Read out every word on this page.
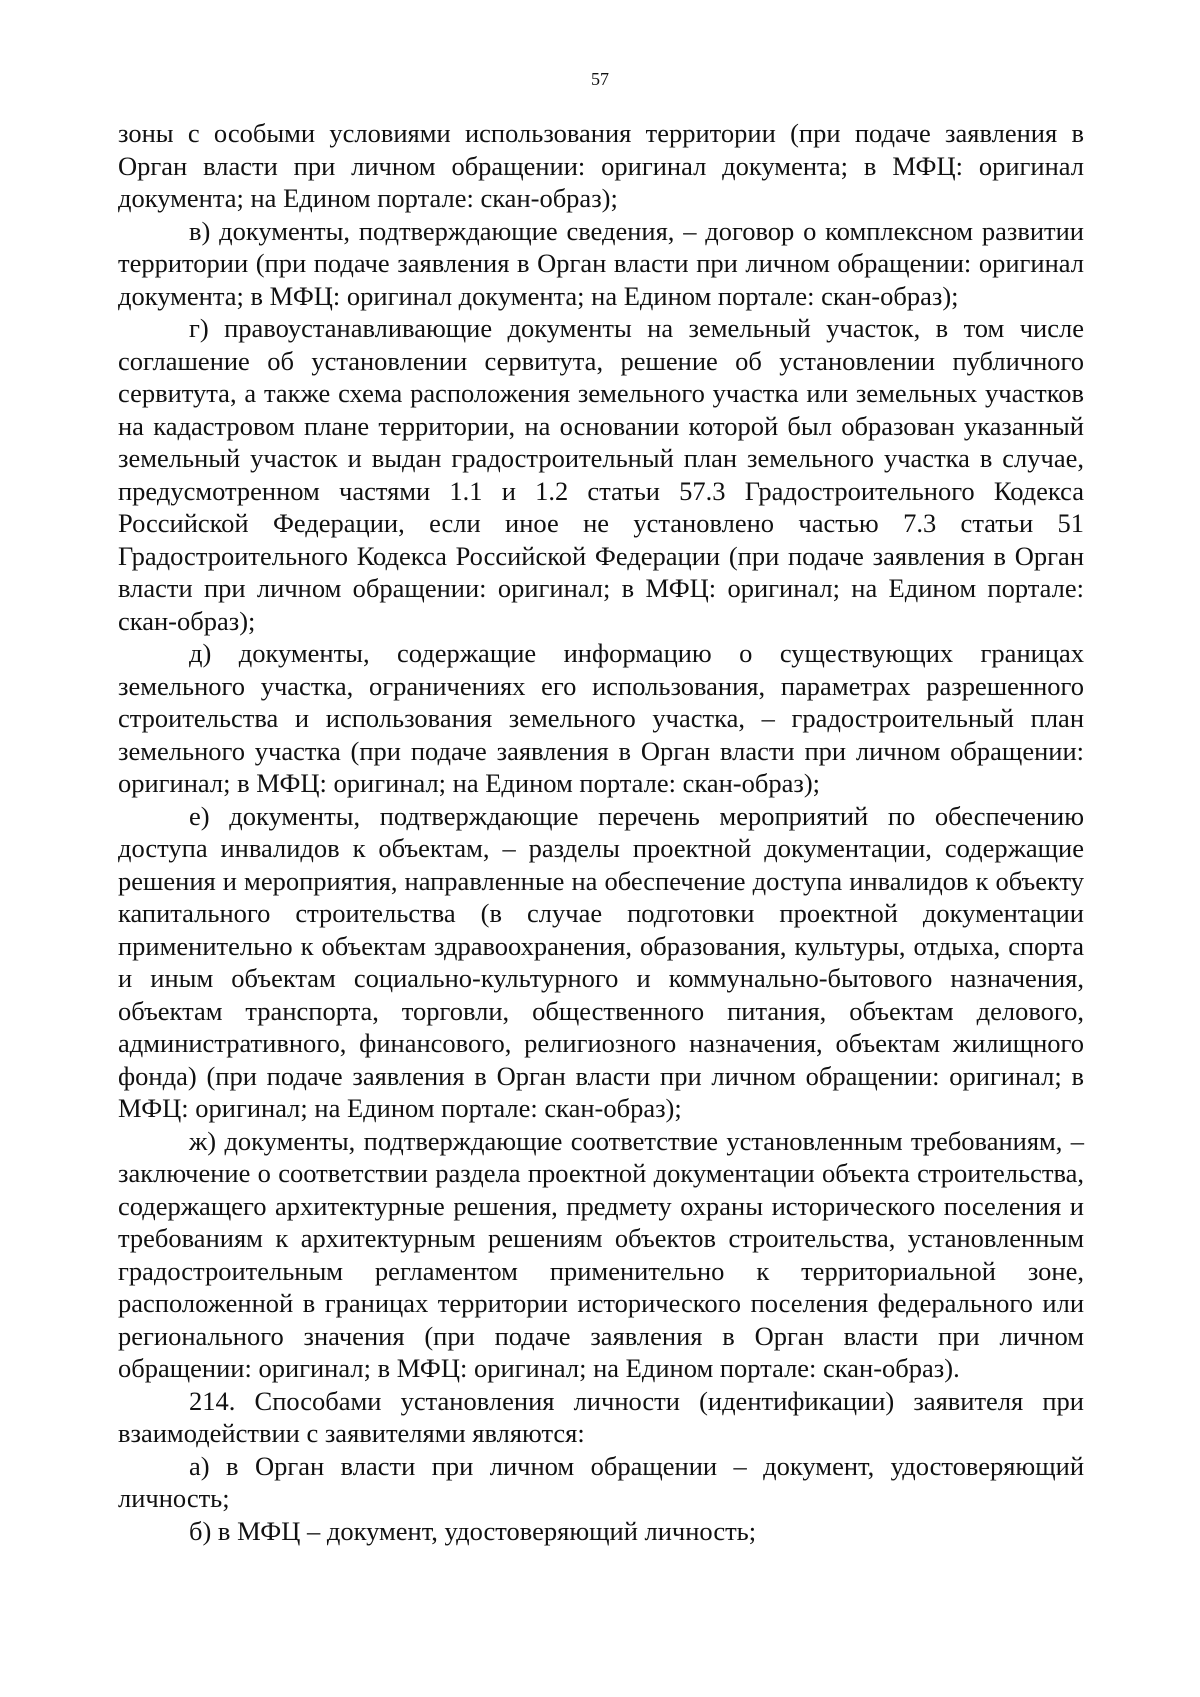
57

зоны с особыми условиями использования территории (при подаче заявления в Орган власти при личном обращении: оригинал документа; в МФЦ: оригинал документа; на Едином портале: скан-образ);

в) документы, подтверждающие сведения, – договор о комплексном развитии территории (при подаче заявления в Орган власти при личном обращении: оригинал документа; в МФЦ: оригинал документа; на Едином портале: скан-образ);

г) правоустанавливающие документы на земельный участок, в том числе соглашение об установлении сервитута, решение об установлении публичного сервитута, а также схема расположения земельного участка или земельных участков на кадастровом плане территории, на основании которой был образован указанный земельный участок и выдан градостроительный план земельного участка в случае, предусмотренном частями 1.1 и 1.2 статьи 57.3 Градостроительного Кодекса Российской Федерации, если иное не установлено частью 7.3 статьи 51 Градостроительного Кодекса Российской Федерации (при подаче заявления в Орган власти при личном обращении: оригинал; в МФЦ: оригинал; на Едином портале: скан-образ);

д) документы, содержащие информацию о существующих границах земельного участка, ограничениях его использования, параметрах разрешенного строительства и использования земельного участка, – градостроительный план земельного участка (при подаче заявления в Орган власти при личном обращении: оригинал; в МФЦ: оригинал; на Едином портале: скан-образ);

е) документы, подтверждающие перечень мероприятий по обеспечению доступа инвалидов к объектам, – разделы проектной документации, содержащие решения и мероприятия, направленные на обеспечение доступа инвалидов к объекту капитального строительства (в случае подготовки проектной документации применительно к объектам здравоохранения, образования, культуры, отдыха, спорта и иным объектам социально-культурного и коммунально-бытового назначения, объектам транспорта, торговли, общественного питания, объектам делового, административного, финансового, религиозного назначения, объектам жилищного фонда) (при подаче заявления в Орган власти при личном обращении: оригинал; в МФЦ: оригинал; на Едином портале: скан-образ);

ж) документы, подтверждающие соответствие установленным требованиям, – заключение о соответствии раздела проектной документации объекта строительства, содержащего архитектурные решения, предмету охраны исторического поселения и требованиям к архитектурным решениям объектов строительства, установленным градостроительным регламентом применительно к территориальной зоне, расположенной в границах территории исторического поселения федерального или регионального значения (при подаче заявления в Орган власти при личном обращении: оригинал; в МФЦ: оригинал; на Едином портале: скан-образ).

214. Способами установления личности (идентификации) заявителя при взаимодействии с заявителями являются:

а) в Орган власти при личном обращении – документ, удостоверяющий личность;

б) в МФЦ – документ, удостоверяющий личность;
